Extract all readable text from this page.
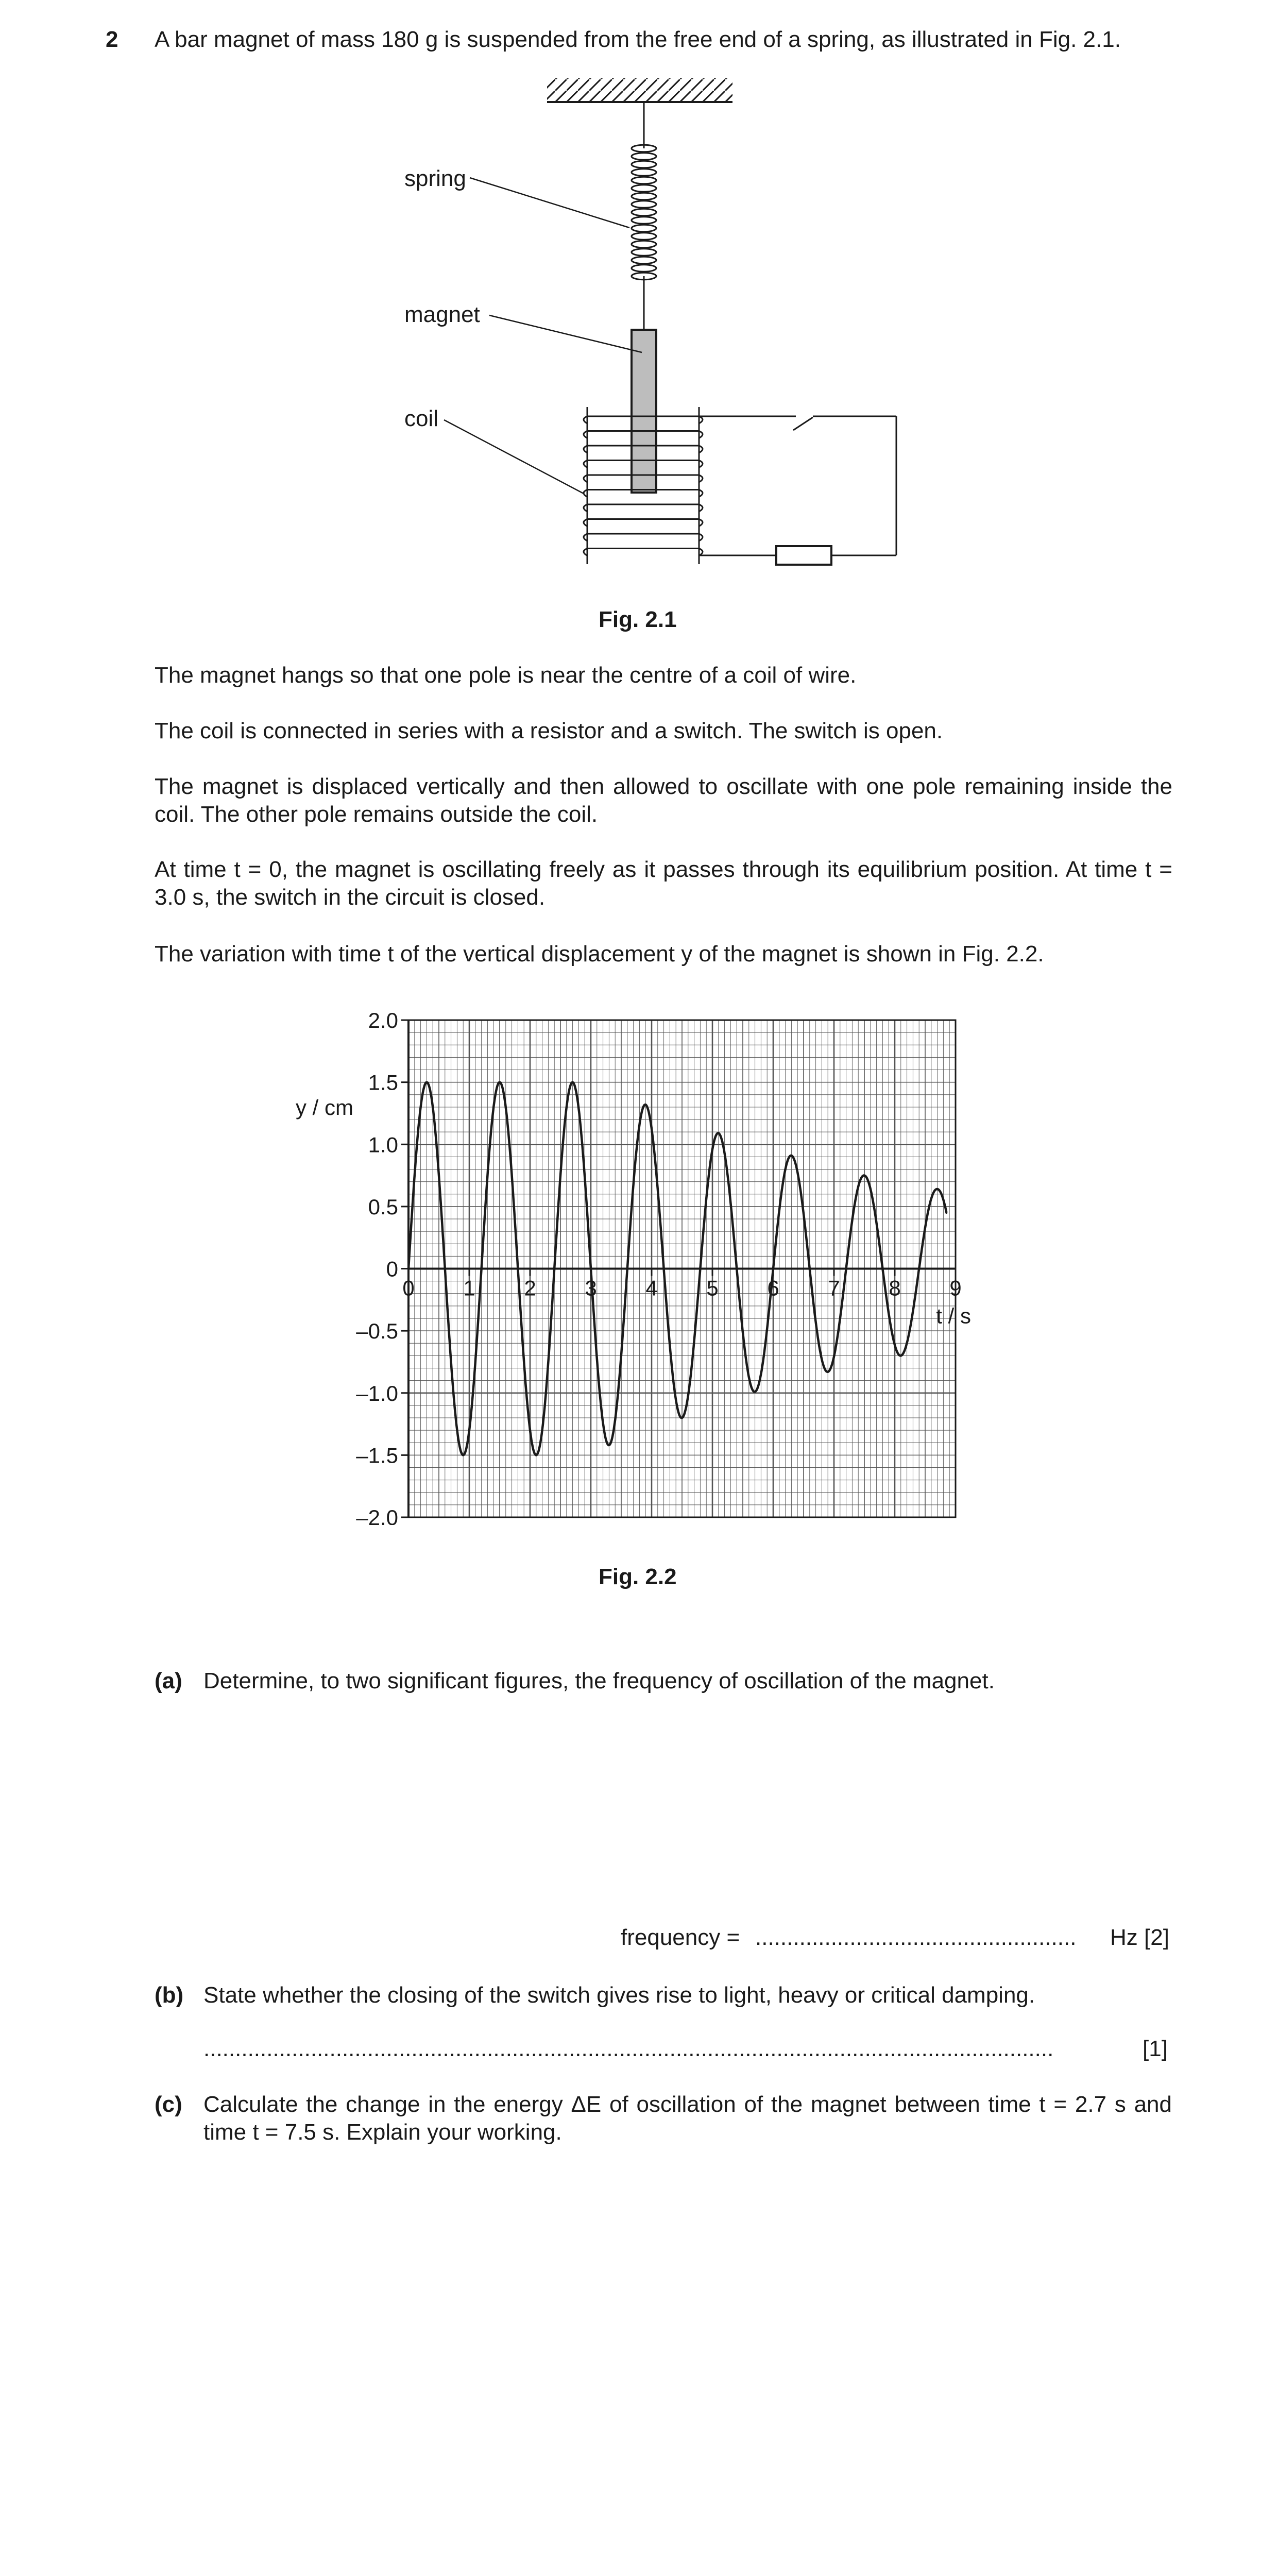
2 A bar magnet of mass 180 g is suspended from the free end of a spring, as illustrated in Fig. 2.1.
spring
magnet
coil
Fig. 2.1
The magnet hangs so that one pole is near the centre of a coil of wire.
The coil is connected in series with a resistor and a switch. The switch is open.
The magnet is displaced vertically and then allowed to oscillate with one pole remaining inside the coil. The other pole remains outside the coil.
At time t = 0, the magnet is oscillating freely as it passes through its equilibrium position. At time t = 3.0 s, the switch in the circuit is closed.
The variation with time t of the vertical displacement y of the magnet is shown in Fig. 2.2.
0 1 2 3 4 5 6 7 8 9
2.0
1.5
1.0
0.5
0
–0.5
–1.0
–1.5
–2.0
y / cm
t / s
Fig. 2.2
(a) Determine, to two significant figures, the frequency of oscillation of the magnet.
frequency = ................................................... Hz [2]
(b) State whether the closing of the switch gives rise to light, heavy or critical damping.
.......................................................................................................................................	[1]
(c) Calculate the change in the energy ΔE of oscillation of the magnet between time t = 2.7 s and time t = 7.5 s. Explain your working.
